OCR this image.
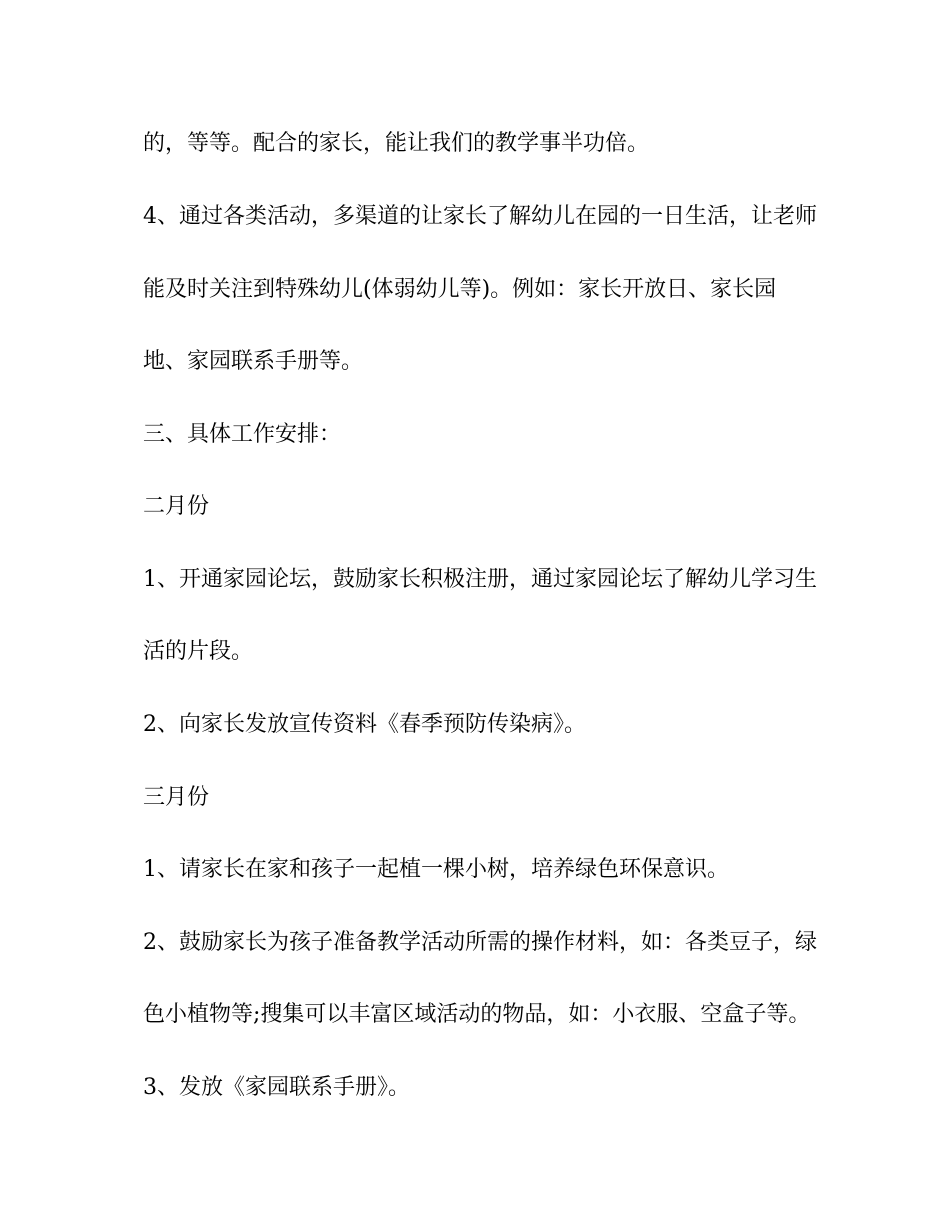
的，等等。配合的家长，能让我们的教学事半功倍。
4、通过各类活动，多渠道的让家长了解幼儿在园的一日生活，让老师
能及时关注到特殊幼儿(体弱幼儿等)。例如：家长开放日、家长园
地、家园联系手册等。
三、具体工作安排：
二月份
1、开通家园论坛，鼓励家长积极注册，通过家园论坛了解幼儿学习生
活的片段。
2、向家长发放宣传资料《春季预防传染病》。
三月份
1、请家长在家和孩子一起植一棵小树，培养绿色环保意识。
2、鼓励家长为孩子准备教学活动所需的操作材料，如：各类豆子，绿
色小植物等;搜集可以丰富区域活动的物品，如：小衣服、空盒子等。
3、发放《家园联系手册》。
